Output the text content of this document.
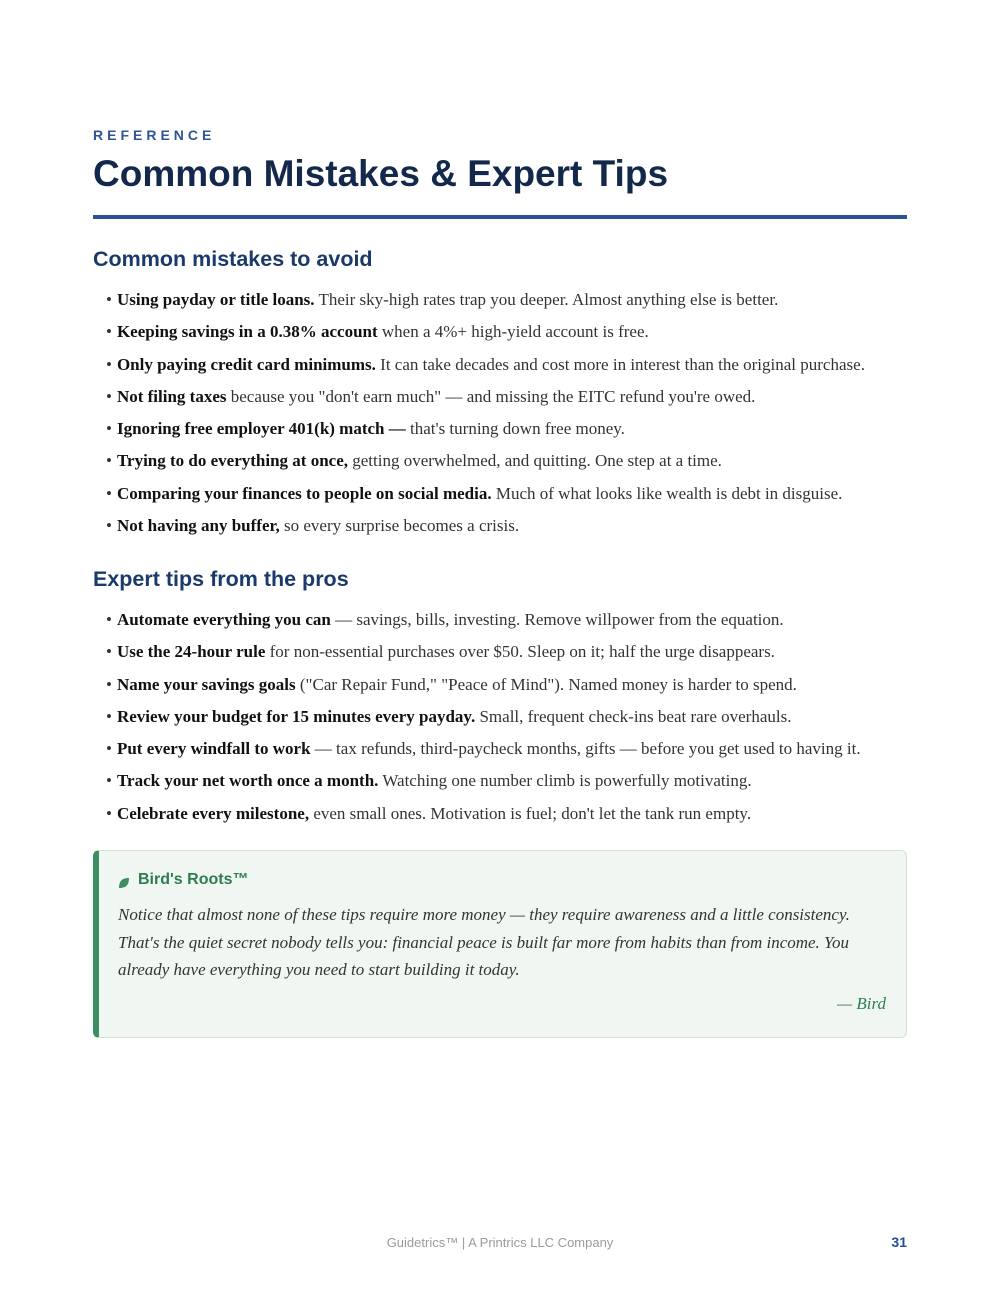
REFERENCE
Common Mistakes & Expert Tips
Common mistakes to avoid
• Using payday or title loans. Their sky-high rates trap you deeper. Almost anything else is better.
• Keeping savings in a 0.38% account when a 4%+ high-yield account is free.
• Only paying credit card minimums. It can take decades and cost more in interest than the original purchase.
• Not filing taxes because you "don't earn much" — and missing the EITC refund you're owed.
• Ignoring free employer 401(k) match — that's turning down free money.
• Trying to do everything at once, getting overwhelmed, and quitting. One step at a time.
• Comparing your finances to people on social media. Much of what looks like wealth is debt in disguise.
• Not having any buffer, so every surprise becomes a crisis.
Expert tips from the pros
• Automate everything you can — savings, bills, investing. Remove willpower from the equation.
• Use the 24-hour rule for non-essential purchases over $50. Sleep on it; half the urge disappears.
• Name your savings goals ("Car Repair Fund," "Peace of Mind"). Named money is harder to spend.
• Review your budget for 15 minutes every payday. Small, frequent check-ins beat rare overhauls.
• Put every windfall to work — tax refunds, third-paycheck months, gifts — before you get used to having it.
• Track your net worth once a month. Watching one number climb is powerfully motivating.
• Celebrate every milestone, even small ones. Motivation is fuel; don't let the tank run empty.
Bird's Roots™

Notice that almost none of these tips require more money — they require awareness and a little consistency. That's the quiet secret nobody tells you: financial peace is built far more from habits than from income. You already have everything you need to start building it today.

— Bird
Guidetrics™ | A Printrics LLC Company	31
